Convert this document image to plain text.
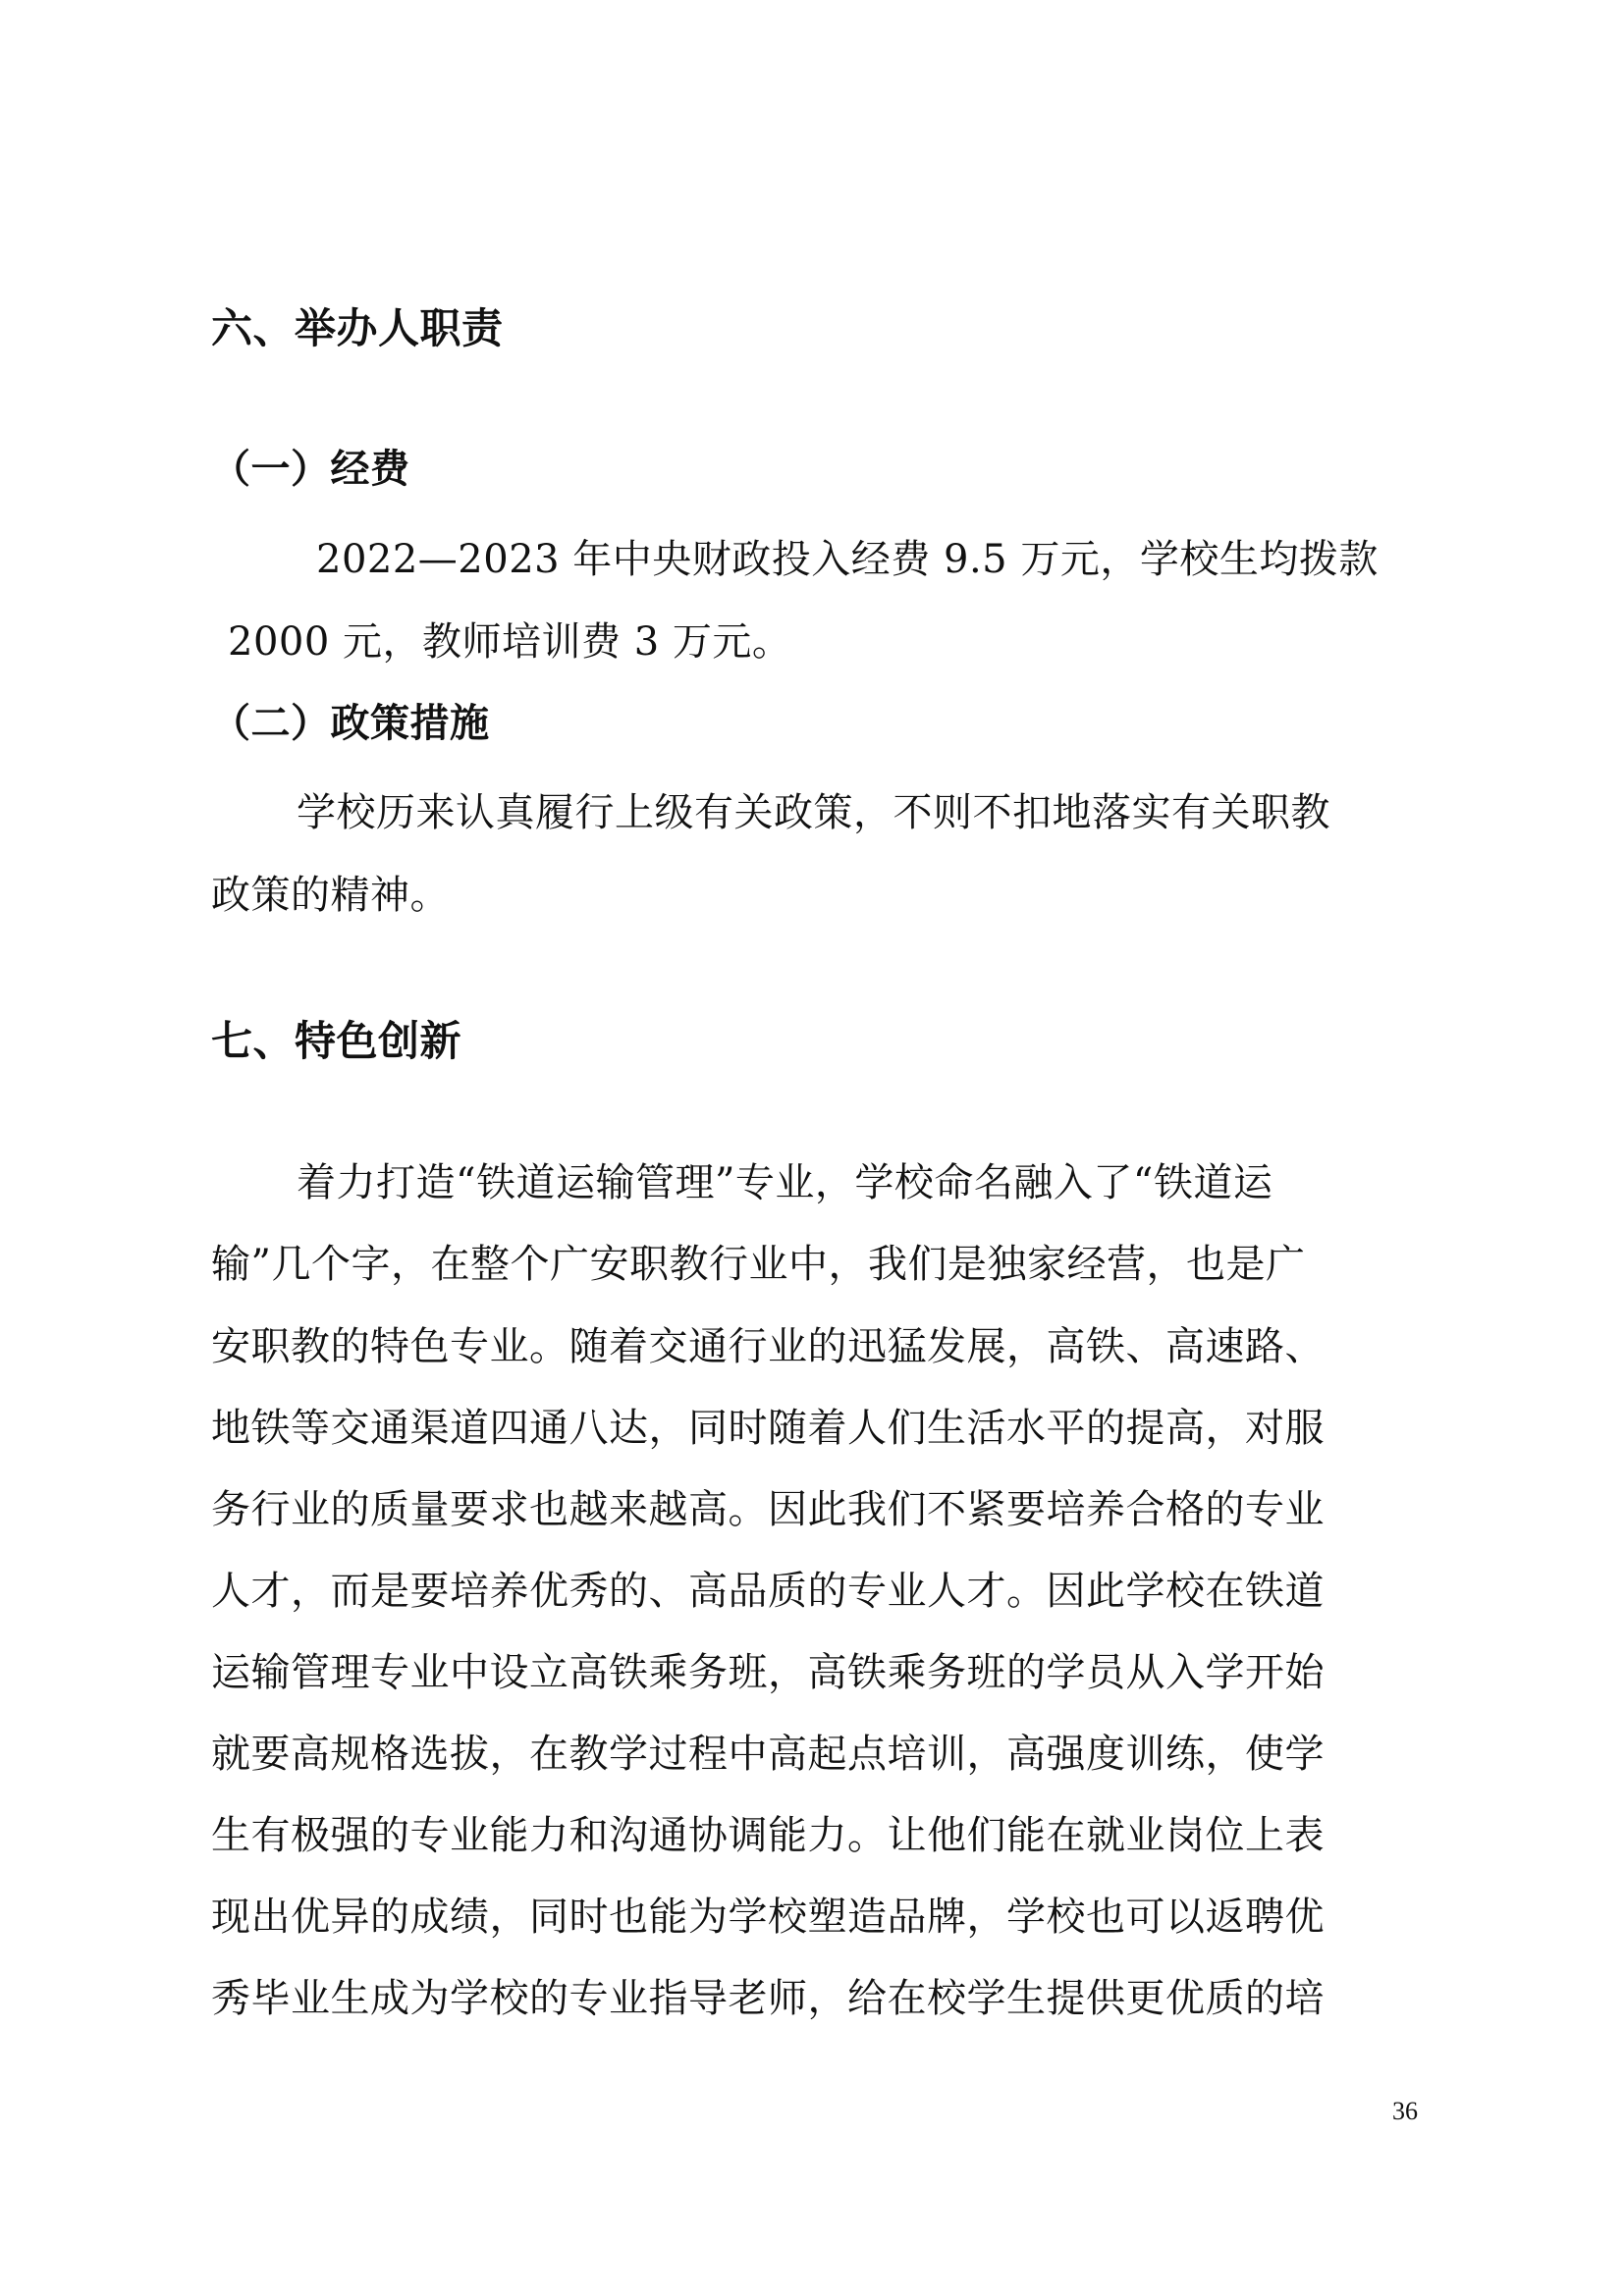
六、举办人职责
（一）经费
2022—2023 年中央财政投入经费 9.5 万元，学校生均拨款
2000 元，教师培训费 3 万元。
（二）政策措施
学校历来认真履行上级有关政策，不则不扣地落实有关职教
政策的精神。
七、特色创新
着力打造“铁道运输管理”专业，学校命名融入了“铁道运
输”几个字，在整个广安职教行业中，我们是独家经营，也是广
安职教的特色专业。随着交通行业的迅猛发展，高铁、高速路、
地铁等交通渠道四通八达，同时随着人们生活水平的提高，对服
务行业的质量要求也越来越高。因此我们不紧要培养合格的专业
人才，而是要培养优秀的、高品质的专业人才。因此学校在铁道
运输管理专业中设立高铁乘务班，高铁乘务班的学员从入学开始
就要高规格选拔，在教学过程中高起点培训，高强度训练，使学
生有极强的专业能力和沟通协调能力。让他们能在就业岗位上表
现出优异的成绩，同时也能为学校塑造品牌，学校也可以返聘优
秀毕业生成为学校的专业指导老师，给在校学生提供更优质的培
36
